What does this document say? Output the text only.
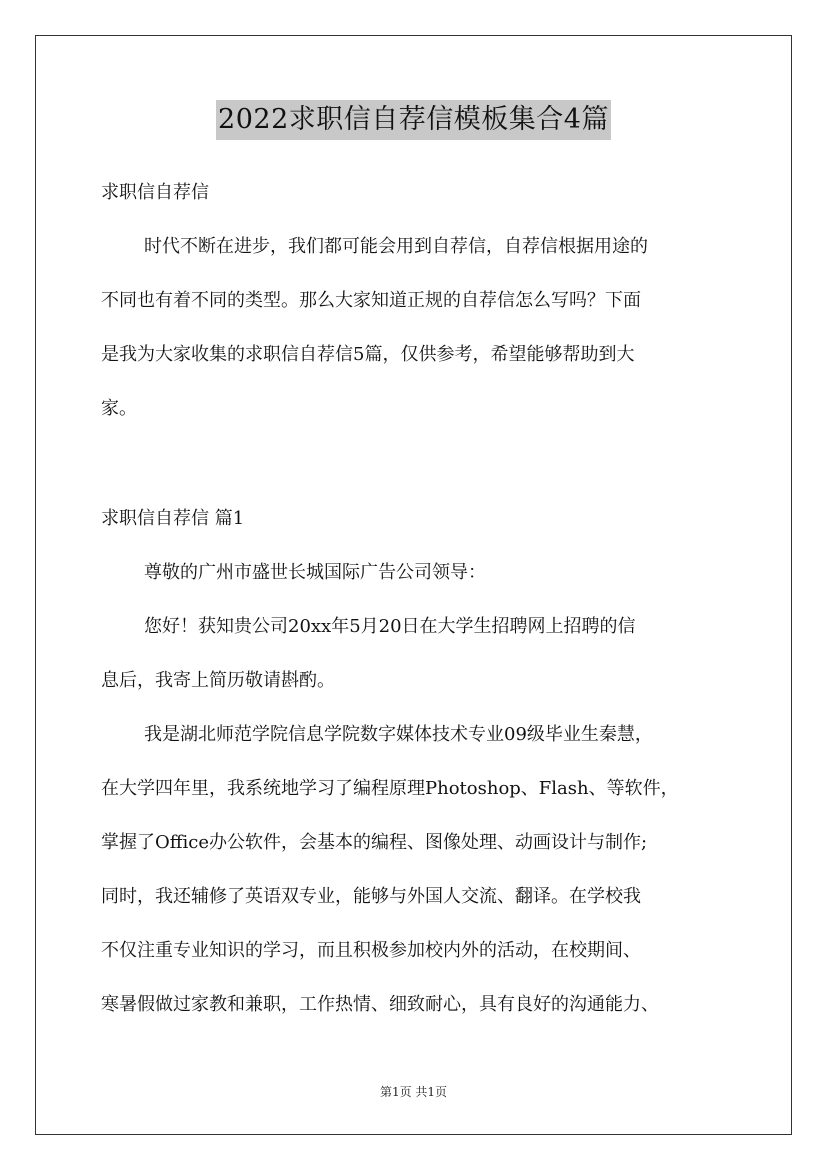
2022求职信自荐信模板集合4篇
求职信自荐信
时代不断在进步，我们都可能会用到自荐信，自荐信根据用途的
不同也有着不同的类型。那么大家知道正规的自荐信怎么写吗？下面
是我为大家收集的求职信自荐信5篇，仅供参考，希望能够帮助到大
家。
求职信自荐信 篇1
尊敬的广州市盛世长城国际广告公司领导：
您好！获知贵公司20xx年5月20日在大学生招聘网上招聘的信
息后，我寄上简历敬请斟酌。
我是湖北师范学院信息学院数字媒体技术专业09级毕业生秦慧，
在大学四年里，我系统地学习了编程原理Photoshop、Flash、等软件，
掌握了Office办公软件，会基本的编程、图像处理、动画设计与制作;
同时，我还辅修了英语双专业，能够与外国人交流、翻译。在学校我
不仅注重专业知识的学习，而且积极参加校内外的活动，在校期间、
寒暑假做过家教和兼职，工作热情、细致耐心，具有良好的沟通能力、
第1页 共1页
